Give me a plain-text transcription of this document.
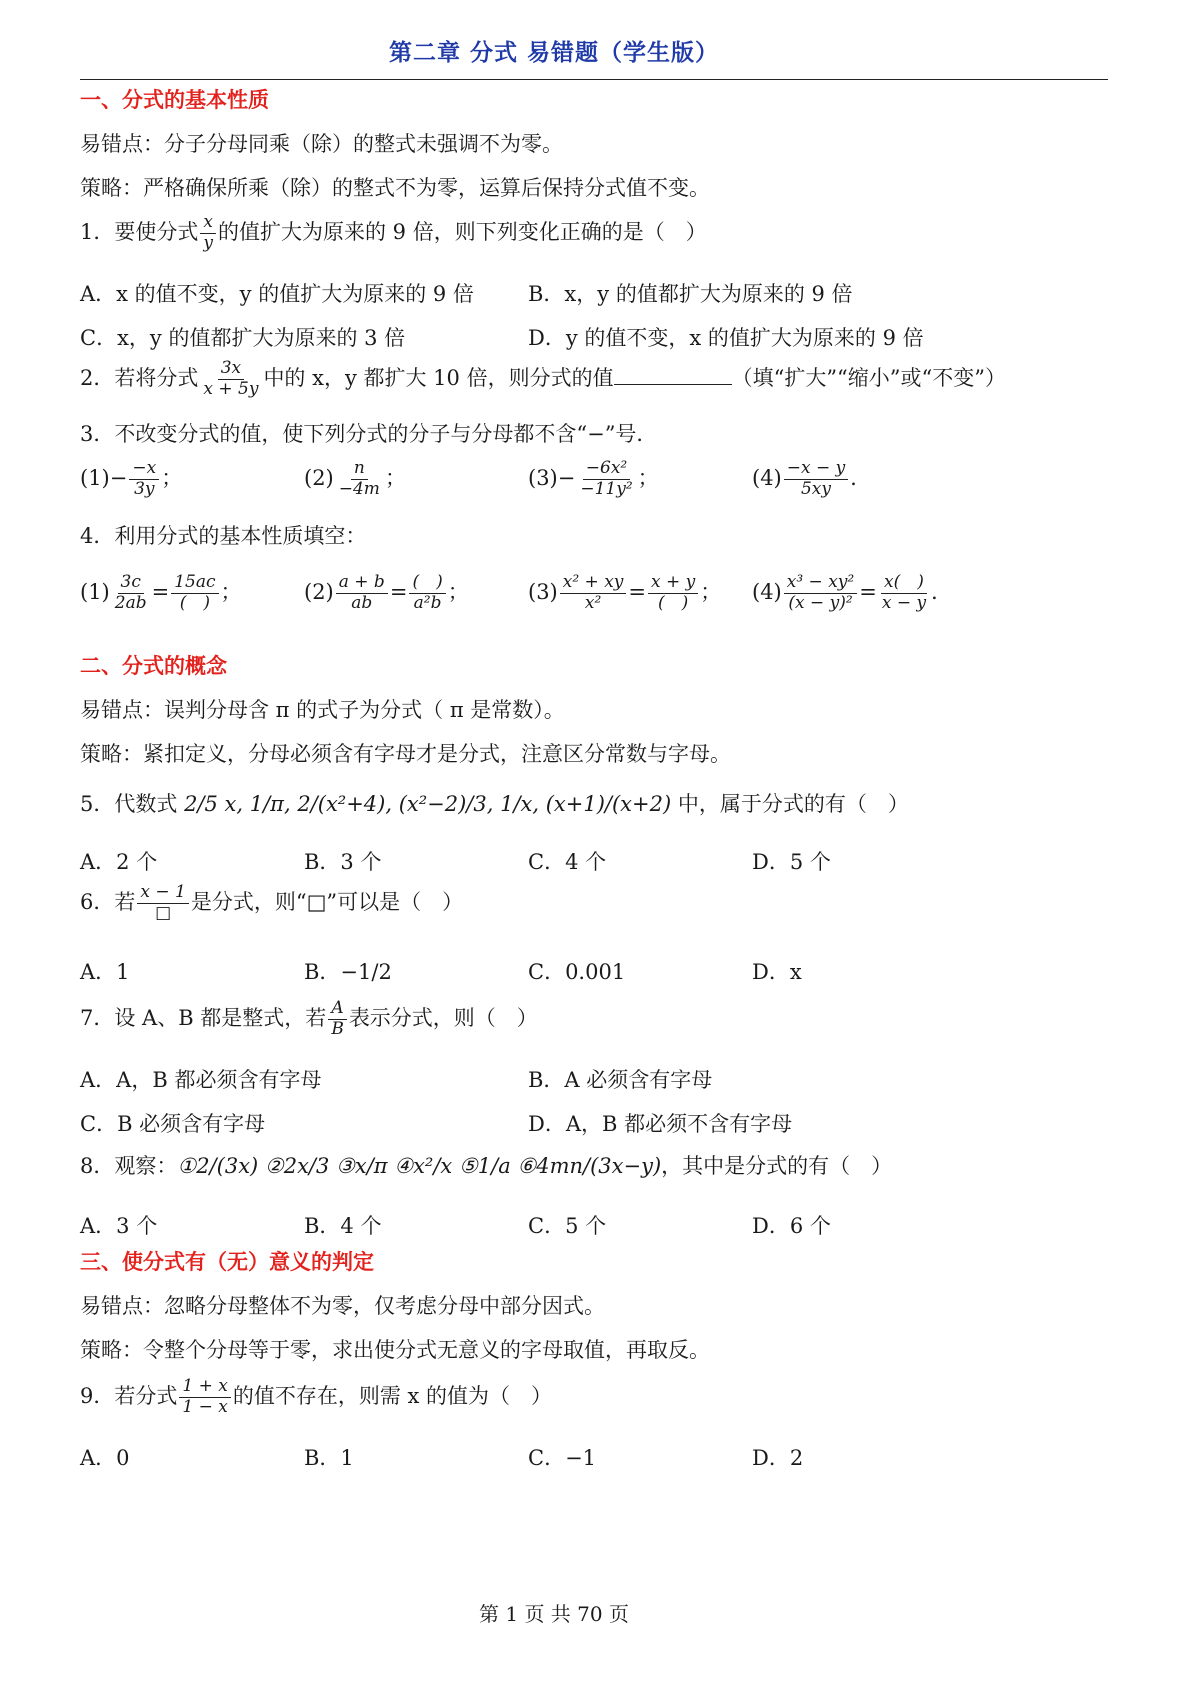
第二章 分式 易错题（学生版）
一、分式的基本性质
易错点：分子分母同乘（除）的整式未强调不为零。
策略：严格确保所乘（除）的整式不为零，运算后保持分式值不变。
1．要使分式 $\frac{x}{y}$ 的值扩大为原来的 9 倍，则下列变化正确的是（　）
A．x 的值不变，y 的值扩大为原来的 9 倍	B．x，y 的值都扩大为原来的 9 倍
C．x，y 的值都扩大为原来的 3 倍	D．y 的值不变，x 的值扩大为原来的 9 倍
2．若将分式 $\frac{3x}{x + 5y}$ 中的 x，y 都扩大 10 倍，则分式的值	（填“扩大”“缩小”或“不变”）
3．不改变分式的值，使下列分式的分子与分母都不含“−”号．
$(1)- \frac{-x}{3y}$ ；	$(2) \frac{n}{-4m}$ ；	$(3)- \frac{\text{−6x²}}{\text{−11y²}}$ ；	$(4) \frac{-x - y}{5xy}$ ．
4．利用分式的基本性质填空：
$(1) \frac{3c}{2ab} = \frac{15ac}{( )}$ ；	$(2) \frac{a + b}{ab} = \frac{( )}{\text{a²b}}$ ；	$(3) \frac{\text{x² + xy}}{\text{x²}} = \frac{x + y}{( )}$ ； $(4) \frac{\text{x³ − xy²}}{\text{(x − y)²}} = \frac{x( )}{x - y}$ ．
二、分式的概念
易错点：误判分母含 π 的式子为分式（ π 是常数）。
策略：紧扣定义，分母必须含有字母才是分式，注意区分常数与字母。
5．代数式 2/5 x, 1/π, 2/(x²+4), (x²−2)/3, 1/x, (x+1)/(x+2) 中，属于分式的有（　）
A．2 个	B．3 个	C．4 个	D．5 个
6．若 $\frac{x - 1}{□}$ 是分式，则“□”可以是（　）
A．1	B．−1/2	C．0.001	D．x
7．设 A、B 都是整式，若 $\frac{A}{B}$ 表示分式，则（　）
A．A，B 都必须含有字母	B．A 必须含有字母
C．B 必须含有字母	D．A，B 都必须不含有字母
8．观察：①2/(3x) ②2x/3 ③x/π ④x²/x ⑤1/a ⑥4mn/(3x−y)，其中是分式的有（　）
A．3 个	B．4 个	C．5 个	D．6 个
三、使分式有（无）意义的判定
易错点：忽略分母整体不为零，仅考虑分母中部分因式。
策略：令整个分母等于零，求出使分式无意义的字母取值，再取反。
9．若分式 $\frac{1 + x}{1 - x}$ 的值不存在，则需 x 的值为（　）
A．0	B．1	C．−1	D．2
第 1 页 共 70 页
